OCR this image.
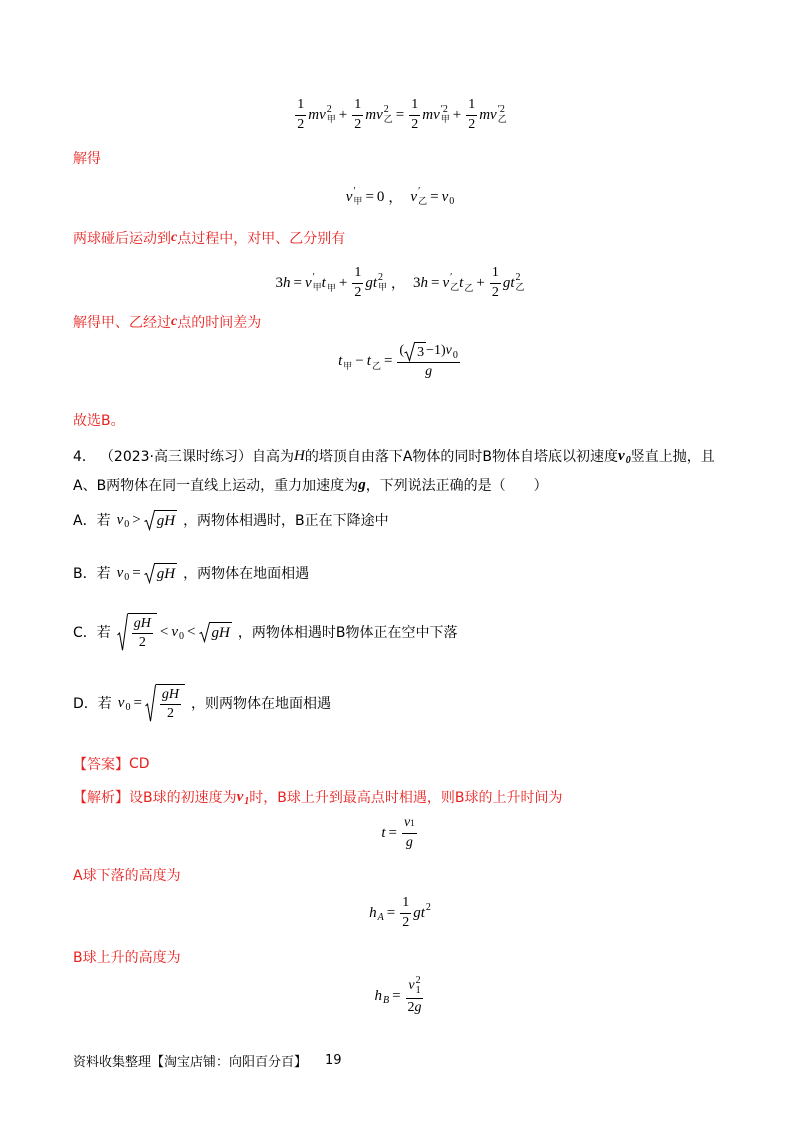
$\frac{1}{2}$ mv 2
甲 + $\frac{1}{2}$ mv 2
乙 = $\frac{1}{2}$ mv ′2
甲 + $\frac{1}{2}$ mv ′2
乙
解得
v ′
甲 = 0 ， v ′
乙 = v 0
两球碰后运动到 c 点过程中，对甲、乙分别有
3 h = v ′
甲 t 甲 + $\frac{1}{2}$ g t 2
甲 ， 3 h = v ′
乙 t 乙 + $\frac{1}{2}$ g t 2
乙
解得甲、乙经过 c 点的时间差为
t 甲 − t 乙 = $\frac{( 3 -1) v 0}{g}$
故选B。
4． （2023·高三课时练习）自高为 H 的塔顶自由落下A物体的同时B物体自塔底以初速度 v 0 竖直上抛，且
A、B两物体在同一直线上运动，重力加速度为 g ，下列说法正确的是（　　）
A．若 v 0 > gH ，两物体相遇时，B正在下降途中
B．若 v 0 = gH ，两物体在地面相遇
C．若 $\frac{gH}{2} < v$ 0 < gH ，两物体相遇时B物体正在空中下落
D．若 v $0 = \frac{gH}{2}$ ，则两物体在地面相遇
【答案】 CD
【解析】 设B球的初速度为 v 1 时，B球上升到最高点时相遇，则B球的上升时间为
$t = \frac{v1}{g}$
A球下落的高度为
h $A = \frac{1}{2}$ g t 2
B球上升的高度为
h B = v 2
1
2g
资料收集整理【淘宝店铺：向阳百分百】 19
